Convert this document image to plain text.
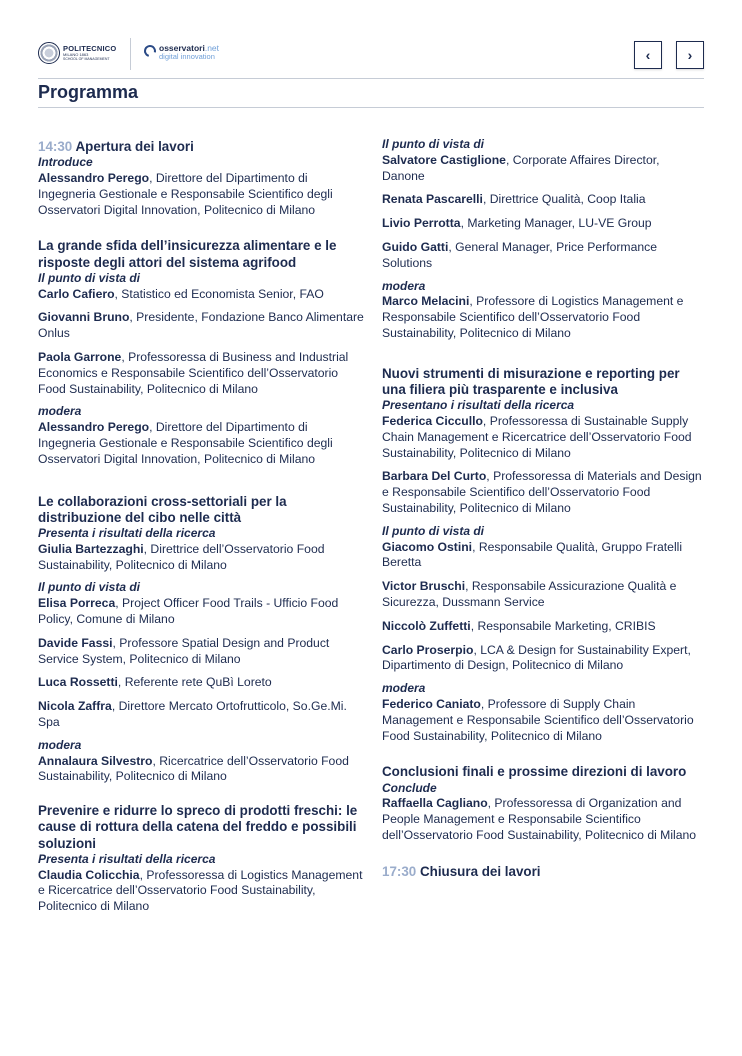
POLITECNICO
MILANO 1863
SCHOOL OF MANAGEMENT
osservatori.net
digital innovation	‹	›
Programma
14:30 Apertura dei lavori
Introduce
Alessandro Perego, Direttore del Dipartimento di Ingegneria Gestionale e Responsabile Scientifico degli Osservatori Digital Innovation, Politecnico di Milano
La grande sfida dell’insicurezza alimentare e le risposte degli attori del sistema agrifood
Il punto di vista di
Carlo Cafiero, Statistico ed Economista Senior, FAO
Giovanni Bruno, Presidente, Fondazione Banco Alimentare Onlus
Paola Garrone, Professoressa di Business and Industrial Economics e Responsabile Scientifico dell’Osservatorio Food Sustainability, Politecnico di Milano
modera
Alessandro Perego, Direttore del Dipartimento di Ingegneria Gestionale e Responsabile Scientifico degli Osservatori Digital Innovation, Politecnico di Milano
Le collaborazioni cross-settoriali per la distribuzione del cibo nelle città
Presenta i risultati della ricerca
Giulia Bartezzaghi, Direttrice dell’Osservatorio Food Sustainability, Politecnico di Milano
Il punto di vista di
Elisa Porreca, Project Officer Food Trails - Ufficio Food Policy, Comune di Milano
Davide Fassi, Professore Spatial Design and Product Service System, Politecnico di Milano
Luca Rossetti, Referente rete QuBì Loreto
Nicola Zaffra, Direttore Mercato Ortofrutticolo, So.Ge.Mi. Spa
modera
Annalaura Silvestro, Ricercatrice dell’Osservatorio Food Sustainability, Politecnico di Milano
Prevenire e ridurre lo spreco di prodotti freschi: le cause di rottura della catena del freddo e possibili soluzioni
Presenta i risultati della ricerca
Claudia Colicchia, Professoressa di Logistics Management e Ricercatrice dell’Osservatorio Food Sustainability, Politecnico di Milano
Il punto di vista di
Salvatore Castiglione, Corporate Affaires Director, Danone
Renata Pascarelli, Direttrice Qualità, Coop Italia
Livio Perrotta, Marketing Manager, LU-VE Group
Guido Gatti, General Manager, Price Performance Solutions
modera
Marco Melacini, Professore di Logistics Management e Responsabile Scientifico dell’Osservatorio Food Sustainability, Politecnico di Milano
Nuovi strumenti di misurazione e reporting per una filiera più trasparente e inclusiva
Presentano i risultati della ricerca
Federica Ciccullo, Professoressa di Sustainable Supply Chain Management e Ricercatrice dell’Osservatorio Food Sustainability, Politecnico di Milano
Barbara Del Curto, Professoressa di Materials and Design e Responsabile Scientifico dell’Osservatorio Food Sustainability, Politecnico di Milano
Il punto di vista di
Giacomo Ostini, Responsabile Qualità, Gruppo Fratelli Beretta
Victor Bruschi, Responsabile Assicurazione Qualità e Sicurezza, Dussmann Service
Niccolò Zuffetti, Responsabile Marketing, CRIBIS
Carlo Proserpio, LCA & Design for Sustainability Expert, Dipartimento di Design, Politecnico di Milano
modera
Federico Caniato, Professore di Supply Chain Management e Responsabile Scientifico dell’Osservatorio Food Sustainability, Politecnico di Milano
Conclusioni finali e prossime direzioni di lavoro
Conclude
Raffaella Cagliano, Professoressa di Organization and People Management e Responsabile Scientifico dell’Osservatorio Food Sustainability, Politecnico di Milano
17:30 Chiusura dei lavori
